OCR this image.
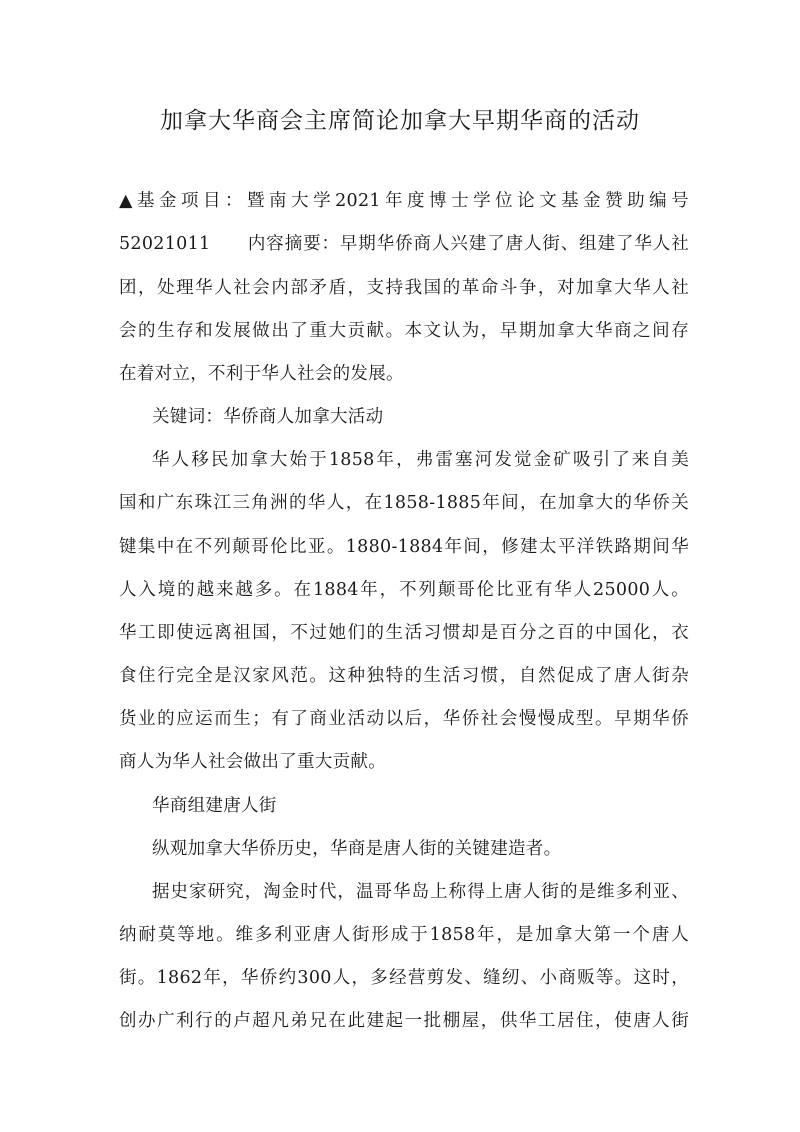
加拿大华商会主席简论加拿大早期华商的活动

▲基金项目：暨南大学2021年度博士学位论文基金赞助编号

52021011　　内容摘要：早期华侨商人兴建了唐人街、组建了华人社

团，处理华人社会内部矛盾，支持我国的革命斗争，对加拿大华人社

会的生存和发展做出了重大贡献。本文认为，早期加拿大华商之间存

在着对立，不利于华人社会的发展。

关键词：华侨商人加拿大活动

华人移民加拿大始于1858年，弗雷塞河发觉金矿吸引了来自美

国和广东珠江三角洲的华人，在1858-1885年间，在加拿大的华侨关

键集中在不列颠哥伦比亚。1880-1884年间，修建太平洋铁路期间华

人入境的越来越多。在1884年，不列颠哥伦比亚有华人25000人。

华工即使远离祖国，不过她们的生活习惯却是百分之百的中国化，衣

食住行完全是汉家风范。这种独特的生活习惯，自然促成了唐人街杂

货业的应运而生；有了商业活动以后，华侨社会慢慢成型。早期华侨

商人为华人社会做出了重大贡献。

华商组建唐人街

纵观加拿大华侨历史，华商是唐人街的关键建造者。

据史家研究，淘金时代，温哥华岛上称得上唐人街的是维多利亚、

纳耐莫等地。维多利亚唐人街形成于1858年，是加拿大第一个唐人

街。1862年，华侨约300人，多经营剪发、缝纫、小商贩等。这时，

创办广利行的卢超凡弟兄在此建起一批棚屋，供华工居住，使唐人街
